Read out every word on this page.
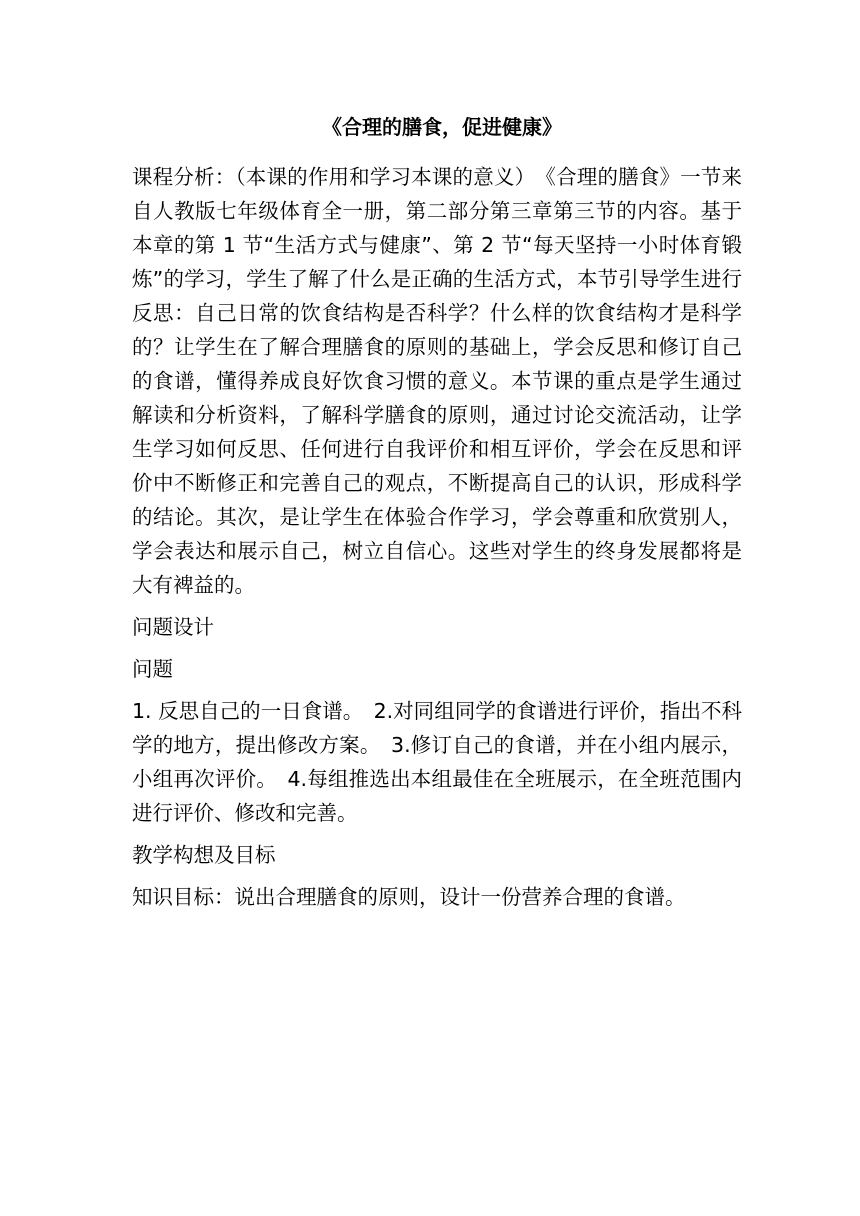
《合理的膳食，促进健康》

课程分析：（本课的作用和学习本课的意义）　《合理的膳食》一节来自人教版七年级体育全一册，第二部分第三章第三节的内容。基于本章的第 1 节“生活方式与健康”、第 2 节“每天坚持一小时体育锻炼”的学习，学生了解了什么是正确的生活方式，本节引导学生进行反思：自己日常的饮食结构是否科学？什么样的饮食结构才是科学的？让学生在了解合理膳食的原则的基础上，学会反思和修订自己的食谱，懂得养成良好饮食习惯的意义。本节课的重点是学生通过解读和分析资料，了解科学膳食的原则，通过讨论交流活动，让学生学习如何反思、任何进行自我评价和相互评价，学会在反思和评价中不断修正和完善自己的观点，不断提高自己的认识，形成科学的结论。其次，是让学生在体验合作学习，学会尊重和欣赏别人，学会表达和展示自己，树立自信心。这些对学生的终身发展都将是大有裨益的。

问题设计

问题

1. 反思自己的一日食谱。　2.对同组同学的食谱进行评价，指出不科学的地方，提出修改方案。　3.修订自己的食谱，并在小组内展示，小组再次评价。　4.每组推选出本组最佳在全班展示，在全班范围内进行评价、修改和完善。

教学构想及目标

知识目标：说出合理膳食的原则，设计一份营养合理的食谱。
